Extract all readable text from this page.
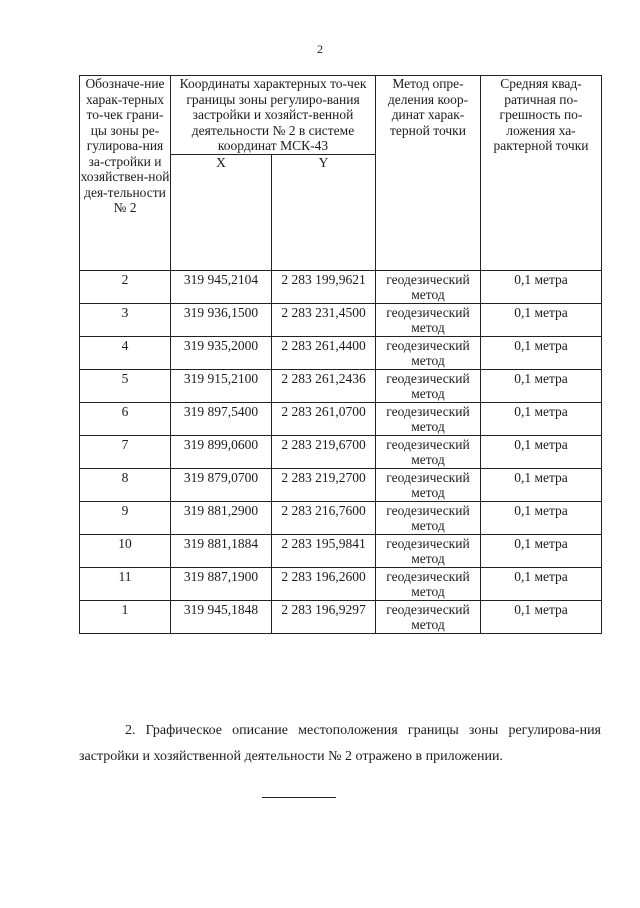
2
Обозначе-ние харак-терных то-чек грани-цы зоны ре-гулирова-ния за-стройки и хозяйствен-ной дея-тельности № 2	Координаты характерных то-чек границы зоны регулиро-вания застройки и хозяйст-венной деятельности № 2 в системе координат МСК-43		Метод опре-деления коор-динат харак-терной точки	Средняя квад-ратичная по-грешность по-ложения ха-рактерной точки
	X	Y		
2	319 945,2104	2 283 199,9621	геодезический метод	0,1 метра
3	319 936,1500	2 283 231,4500	геодезический метод	0,1 метра
4	319 935,2000	2 283 261,4400	геодезический метод	0,1 метра
5	319 915,2100	2 283 261,2436	геодезический метод	0,1 метра
6	319 897,5400	2 283 261,0700	геодезический метод	0,1 метра
7	319 899,0600	2 283 219,6700	геодезический метод	0,1 метра
8	319 879,0700	2 283 219,2700	геодезический метод	0,1 метра
9	319 881,2900	2 283 216,7600	геодезический метод	0,1 метра
10	319 881,1884	2 283 195,9841	геодезический метод	0,1 метра
11	319 887,1900	2 283 196,2600	геодезический метод	0,1 метра
1	319 945,1848	2 283 196,9297	геодезический метод	0,1 метра

2. Графическое описание местоположения границы зоны регулирова-ния застройки и хозяйственной деятельности № 2 отражено в приложении.
